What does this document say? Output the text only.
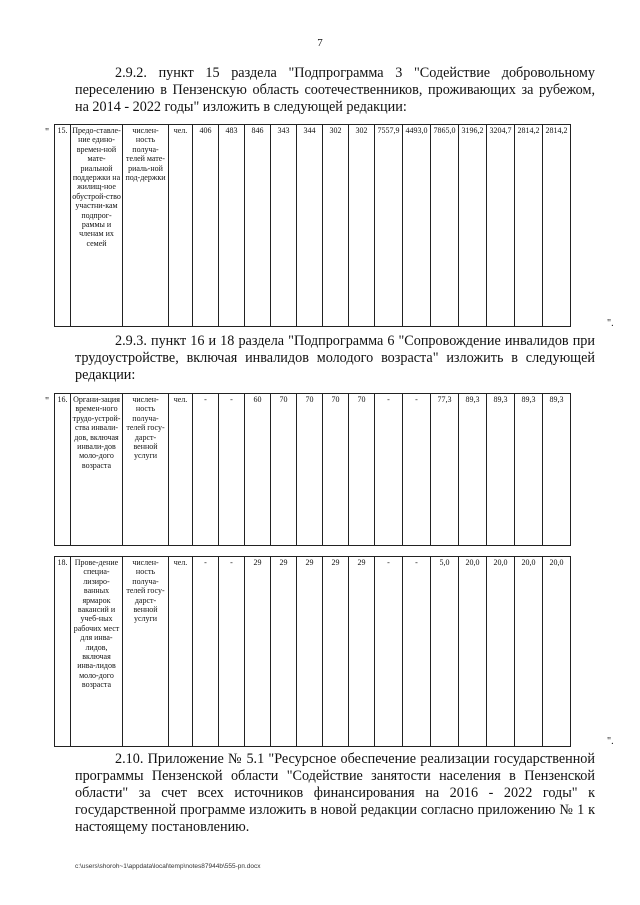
7
2.9.2. пункт 15 раздела "Подпрограмма 3 "Содействие добровольному переселению в Пензенскую область соотечественников, проживающих за рубежом, на 2014 - 2022 годы" изложить в следующей редакции:
" 15.	Предо-ставле-ние едино-времен-ной мате-риальной поддержки на жилищ-ное обустрой-ство участни-кам подпрог-раммы и членам их семей	числен-ность получа-телей мате-риаль-ной под-держки	чел.	406	483	846	343	344	302	302	7557,9	4493,0	7865,0	3196,2	3204,7	2814,2	2814,2
".
2.9.3. пункт 16 и 18 раздела "Подпрограмма 6 "Сопровождение инвалидов при трудоустройстве, включая инвалидов молодого возраста" изложить в следующей редакции:
" 16.	Органи-зация времен-ного трудо-устрой-ства инвали-дов, включая инвали-дов моло-дого возраста	числен-ность получа-телей госу-дарст-венной услуги	чел.	-	-	60	70	70	70	70	-	-	77,3	89,3	89,3	89,3	89,3
18.	Прове-дение специа-лизиро-ванных ярмарок вакансий и учеб-ных рабочих мест для инва-лидов, включая инва-лидов моло-дого возраста	числен-ность получа-телей госу-дарст-венной услуги	чел.	-	-	29	29	29	29	29	-	-	5,0	20,0	20,0	20,0	20,0
".
2.10. Приложение № 5.1 "Ресурсное обеспечение реализации государственной программы Пензенской области "Содействие занятости населения в Пензенской области" за счет всех источников финансирования на 2016 - 2022 годы" к государственной программе изложить в новой редакции согласно приложению № 1 к настоящему постановлению.
c:\users\shoroh~1\appdata\local\temp\notes87944b\555-рп.docx
